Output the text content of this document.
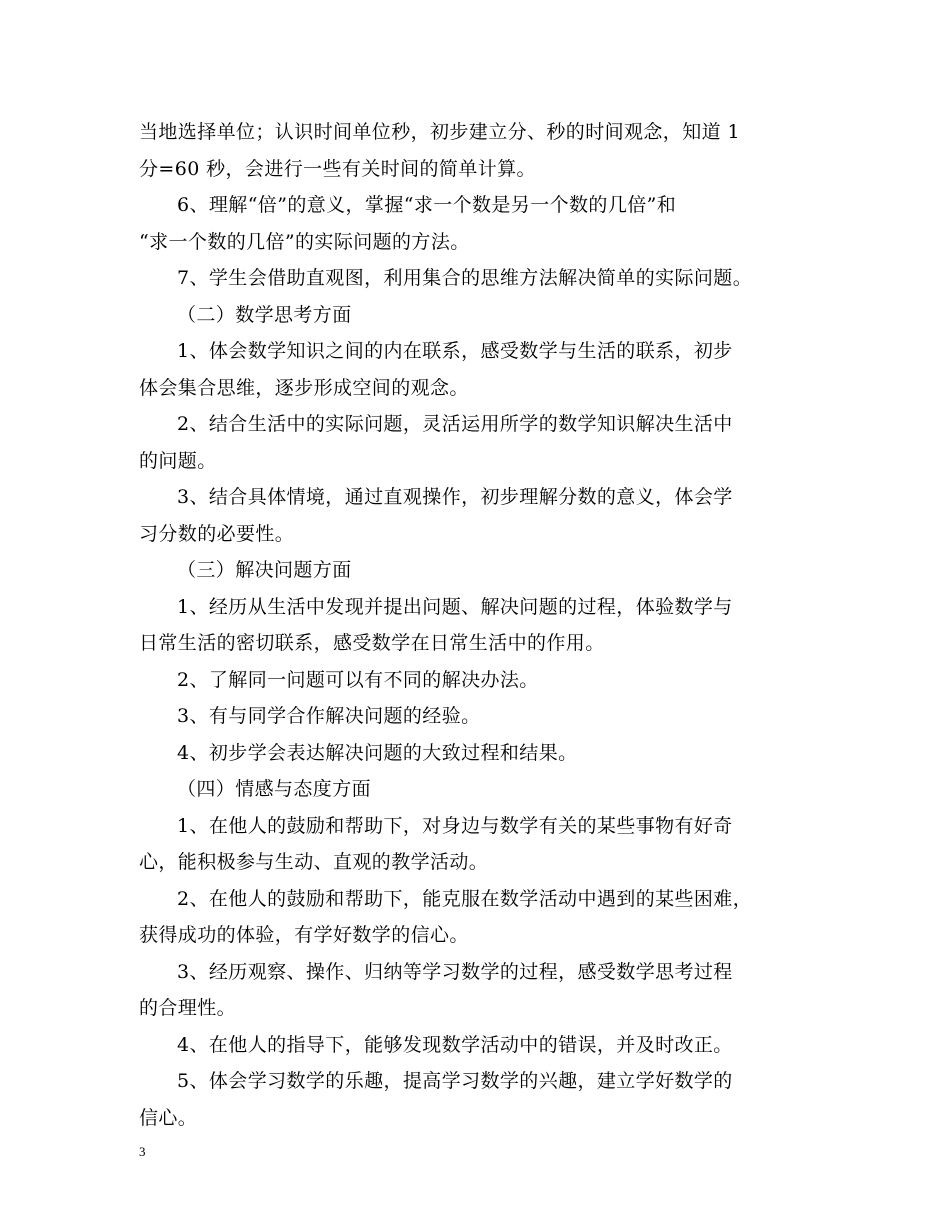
当地选择单位；认识时间单位秒，初步建立分、秒的时间观念，知道 1
分=60 秒，会进行一些有关时间的简单计算。
6、理解“倍”的意义，掌握“求一个数是另一个数的几倍”和
“求一个数的几倍”的实际问题的方法。
7、学生会借助直观图，利用集合的思维方法解决简单的实际问题。
（二）数学思考方面
1、体会数学知识之间的内在联系，感受数学与生活的联系，初步
体会集合思维，逐步形成空间的观念。
2、结合生活中的实际问题，灵活运用所学的数学知识解决生活中
的问题。
3、结合具体情境，通过直观操作，初步理解分数的意义，体会学
习分数的必要性。
（三）解决问题方面
1、经历从生活中发现并提出问题、解决问题的过程，体验数学与
日常生活的密切联系，感受数学在日常生活中的作用。
2、了解同一问题可以有不同的解决办法。
3、有与同学合作解决问题的经验。
4、初步学会表达解决问题的大致过程和结果。
（四）情感与态度方面
1、在他人的鼓励和帮助下，对身边与数学有关的某些事物有好奇
心，能积极参与生动、直观的教学活动。
2、在他人的鼓励和帮助下，能克服在数学活动中遇到的某些困难，
获得成功的体验，有学好数学的信心。
3、经历观察、操作、归纳等学习数学的过程，感受数学思考过程
的合理性。
4、在他人的指导下，能够发现数学活动中的错误，并及时改正。
5、体会学习数学的乐趣，提高学习数学的兴趣，建立学好数学的
信心。
3
